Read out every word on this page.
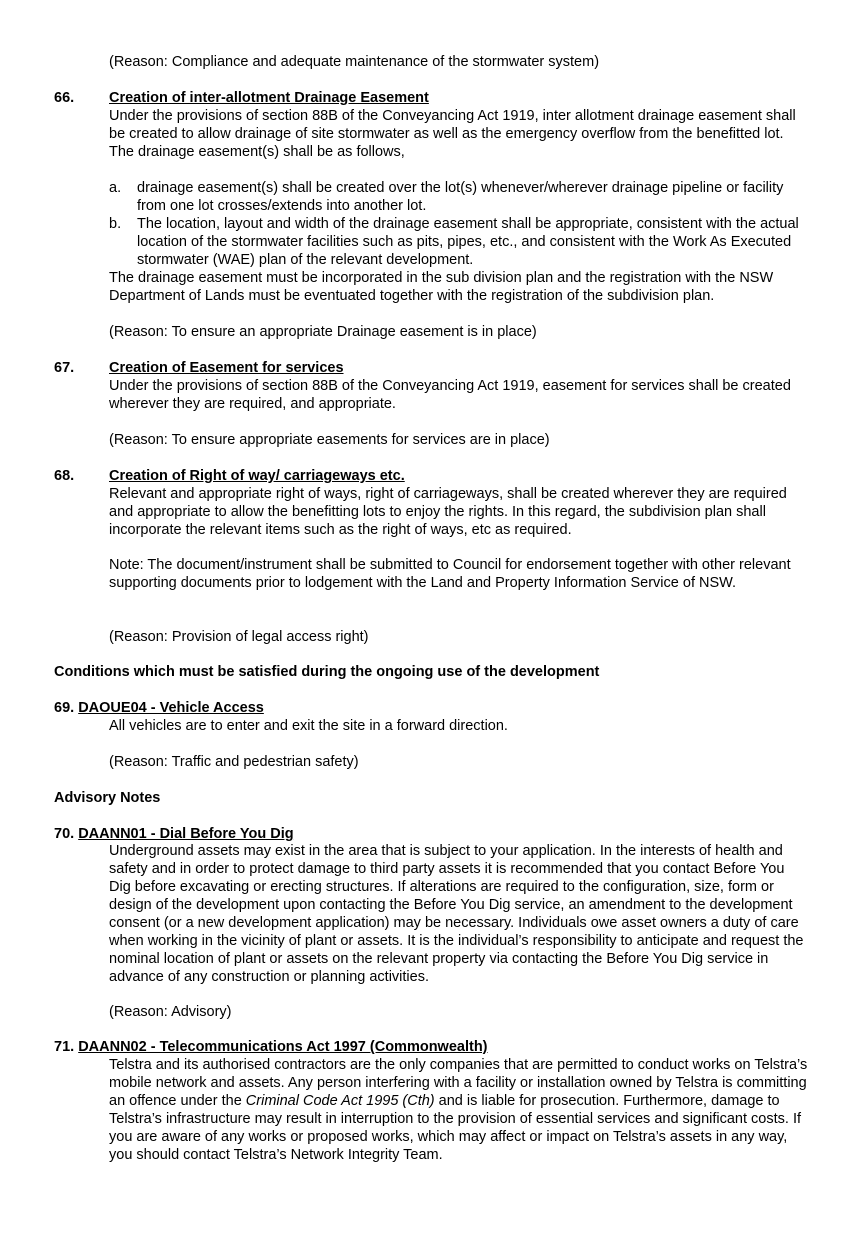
(Reason: Compliance and adequate maintenance of the stormwater system)

66. Creation of inter-allotment Drainage Easement

Under the provisions of section 88B of the Conveyancing Act 1919, inter allotment drainage easement shall be created to allow drainage of site stormwater as well as the emergency overflow from the benefitted lot. The drainage easement(s) shall be as follows,

a. drainage easement(s) shall be created over the lot(s) whenever/wherever drainage pipeline or facility from one lot crosses/extends into another lot.
b. The location, layout and width of the drainage easement shall be appropriate, consistent with the actual location of the stormwater facilities such as pits, pipes, etc., and consistent with the Work As Executed stormwater (WAE) plan of the relevant development.

The drainage easement must be incorporated in the sub division plan and the registration with the NSW Department of Lands must be eventuated together with the registration of the subdivision plan.

(Reason: To ensure an appropriate Drainage easement is in place)

67. Creation of Easement for services

Under the provisions of section 88B of the Conveyancing Act 1919, easement for services shall be created wherever they are required, and appropriate.

(Reason: To ensure appropriate easements for services are in place)

68. Creation of Right of way/ carriageways etc.

Relevant and appropriate right of ways, right of carriageways, shall be created wherever they are required and appropriate to allow the benefitting lots to enjoy the rights. In this regard, the subdivision plan shall incorporate the relevant items such as the right of ways, etc as required.

Note: The document/instrument shall be submitted to Council for endorsement together with other relevant supporting documents prior to lodgement with the Land and Property Information Service of NSW.

(Reason: Provision of legal access right)

Conditions which must be satisfied during the ongoing use of the development

69. DAOUE04 - Vehicle Access

All vehicles are to enter and exit the site in a forward direction.

(Reason: Traffic and pedestrian safety)

Advisory Notes

70. DAANN01 - Dial Before You Dig

Underground assets may exist in the area that is subject to your application. In the interests of health and safety and in order to protect damage to third party assets it is recommended that you contact Before You Dig before excavating or erecting structures. If alterations are required to the configuration, size, form or design of the development upon contacting the Before You Dig service, an amendment to the development consent (or a new development application) may be necessary. Individuals owe asset owners a duty of care when working in the vicinity of plant or assets. It is the individual’s responsibility to anticipate and request the nominal location of plant or assets on the relevant property via contacting the Before You Dig service in advance of any construction or planning activities.

(Reason: Advisory)

71. DAANN02 - Telecommunications Act 1997 (Commonwealth)

Telstra and its authorised contractors are the only companies that are permitted to conduct works on Telstra’s mobile network and assets. Any person interfering with a facility or installation owned by Telstra is committing an offence under the Criminal Code Act 1995 (Cth) and is liable for prosecution. Furthermore, damage to Telstra’s infrastructure may result in interruption to the provision of essential services and significant costs. If you are aware of any works or proposed works, which may affect or impact on Telstra’s assets in any way, you should contact Telstra’s Network Integrity Team.
